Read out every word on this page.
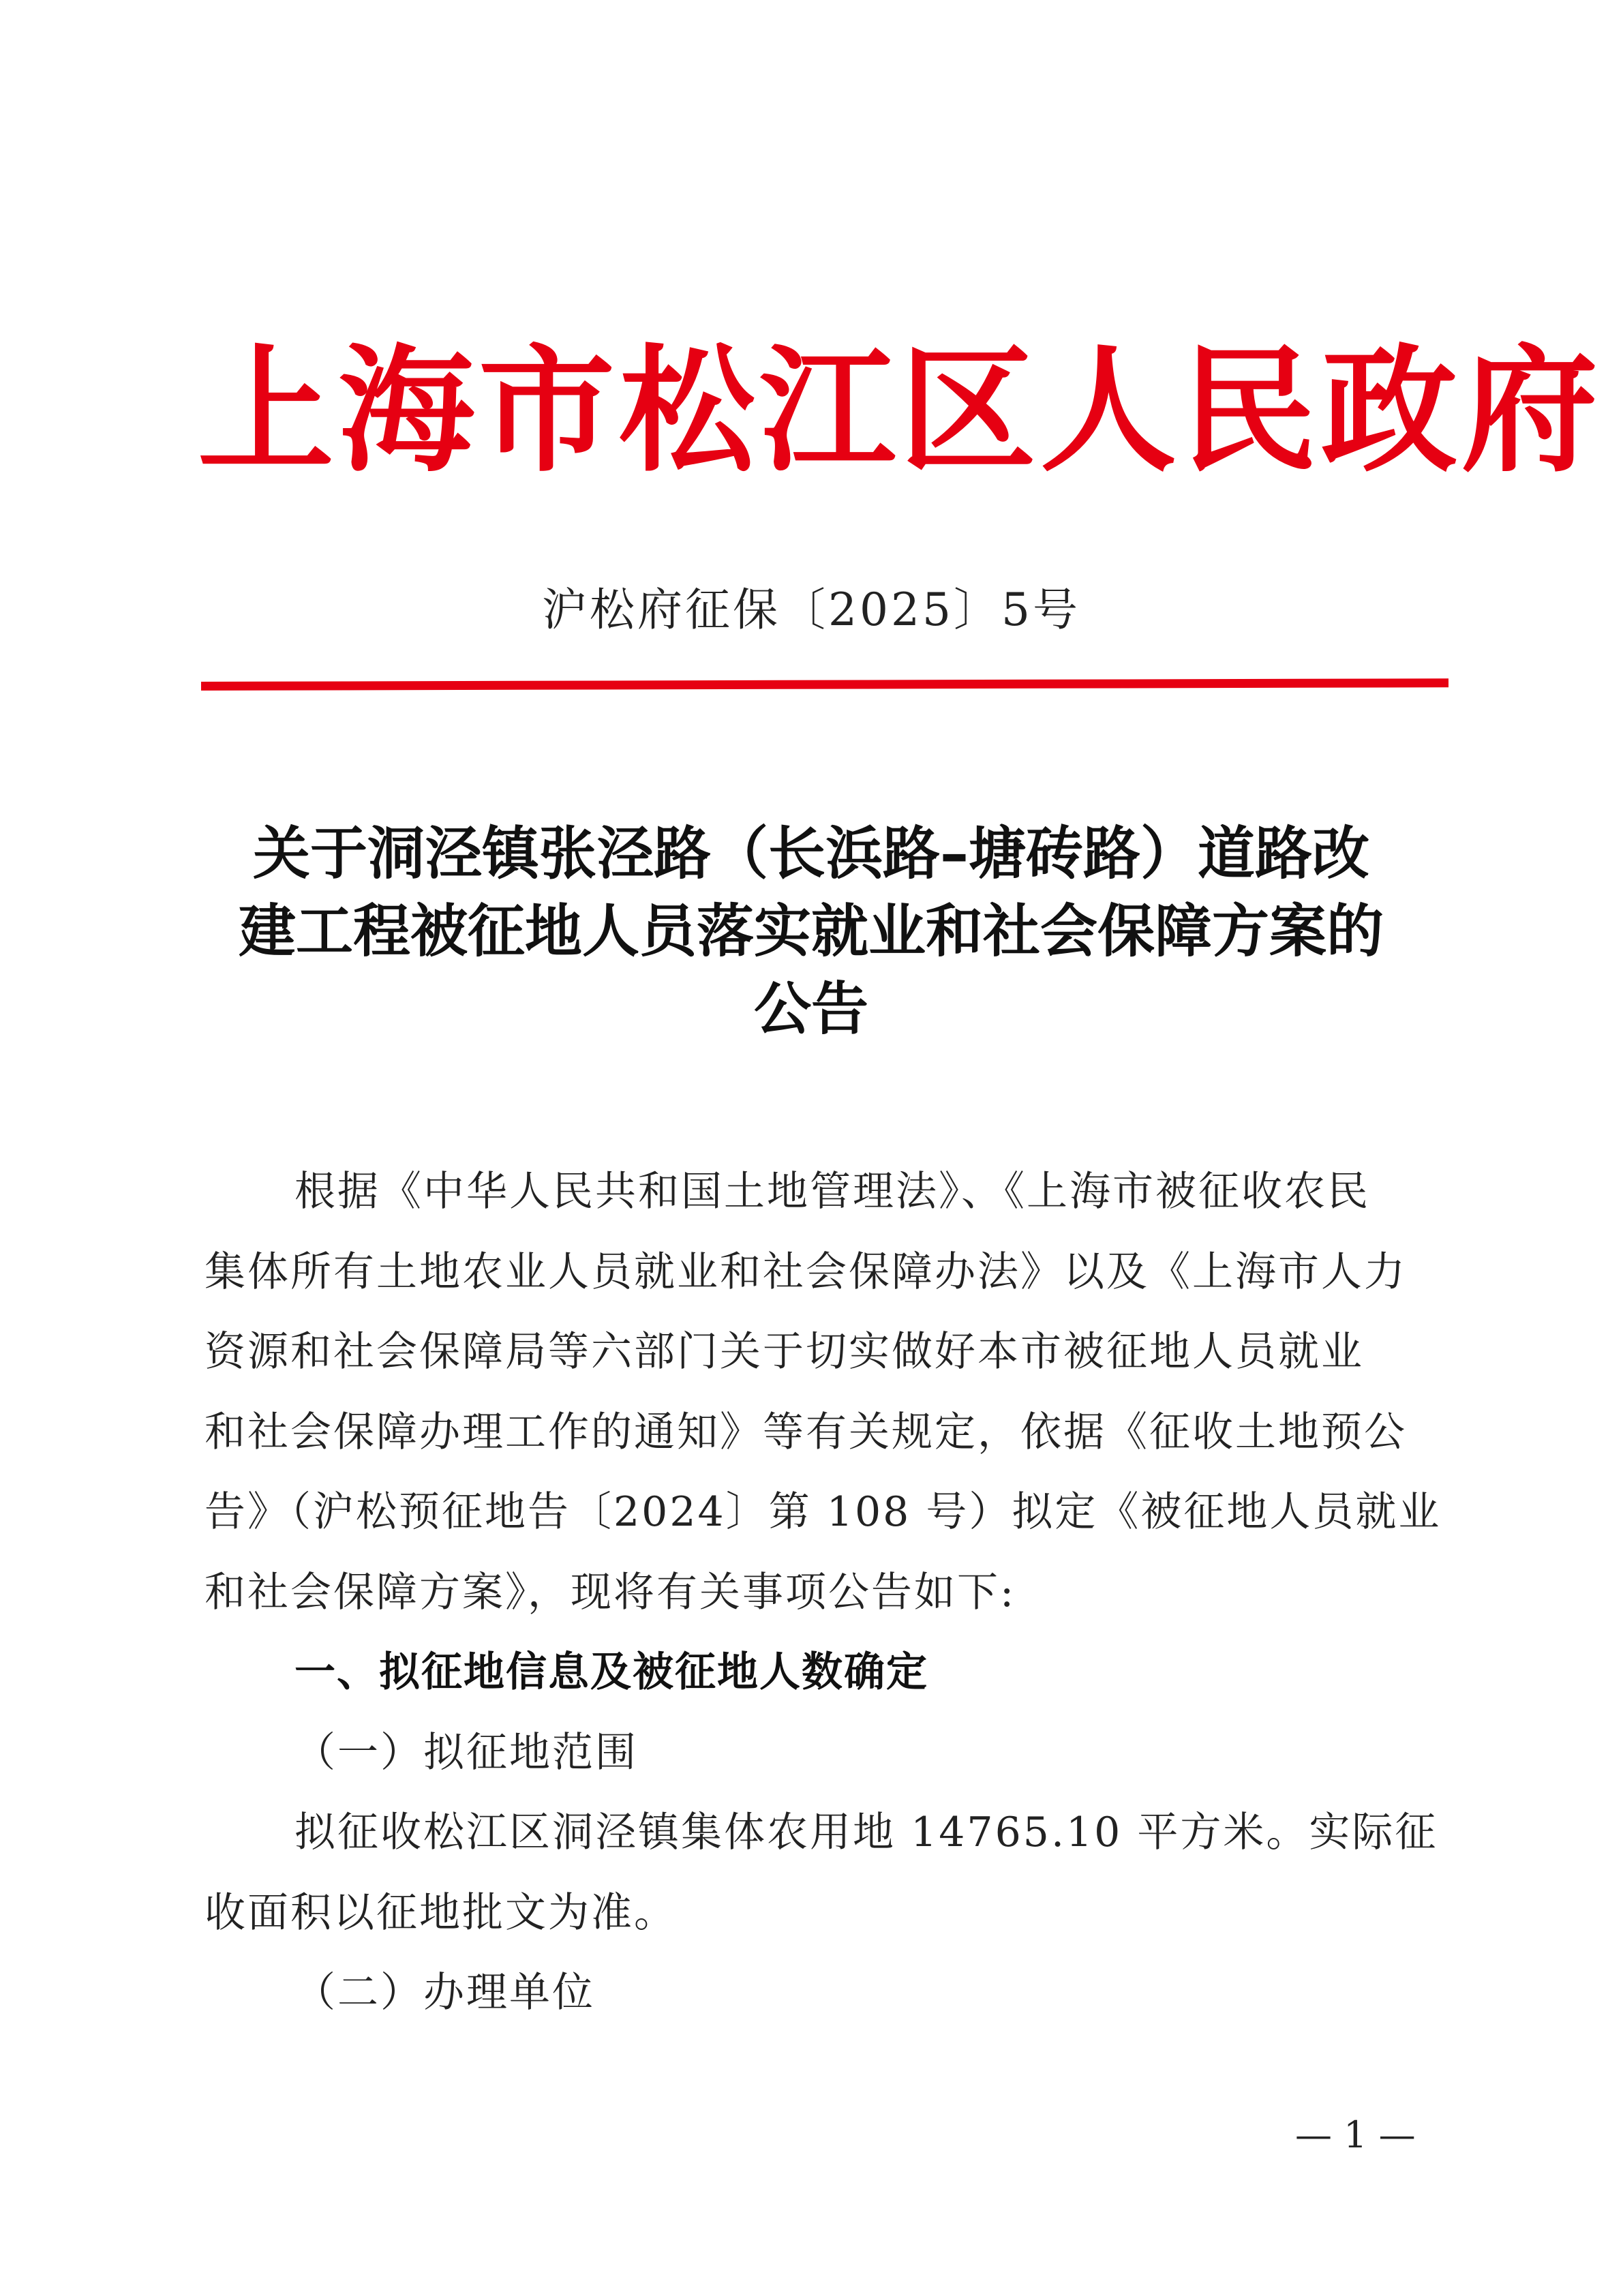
上海市松江区人民政府
沪松府征保〔2025〕5号
关于洞泾镇张泾路（长浜路–塘砖路）道路改
建工程被征地人员落实就业和社会保障方案的
公告
根据《中华人民共和国土地管理法》、《上海市被征收农民
集体所有土地农业人员就业和社会保障办法》以及《上海市人力
资源和社会保障局等六部门关于切实做好本市被征地人员就业
和社会保障办理工作的通知》等有关规定，依据《征收土地预公
告》（沪松预征地告〔2024〕第 108 号）拟定《被征地人员就业
和社会保障方案》，现将有关事项公告如下:
一、拟征地信息及被征地人数确定
（一）拟征地范围
拟征收松江区洞泾镇集体农用地 14765.10 平方米。实际征
收面积以征地批文为准。
（二）办理单位
— 1 —
